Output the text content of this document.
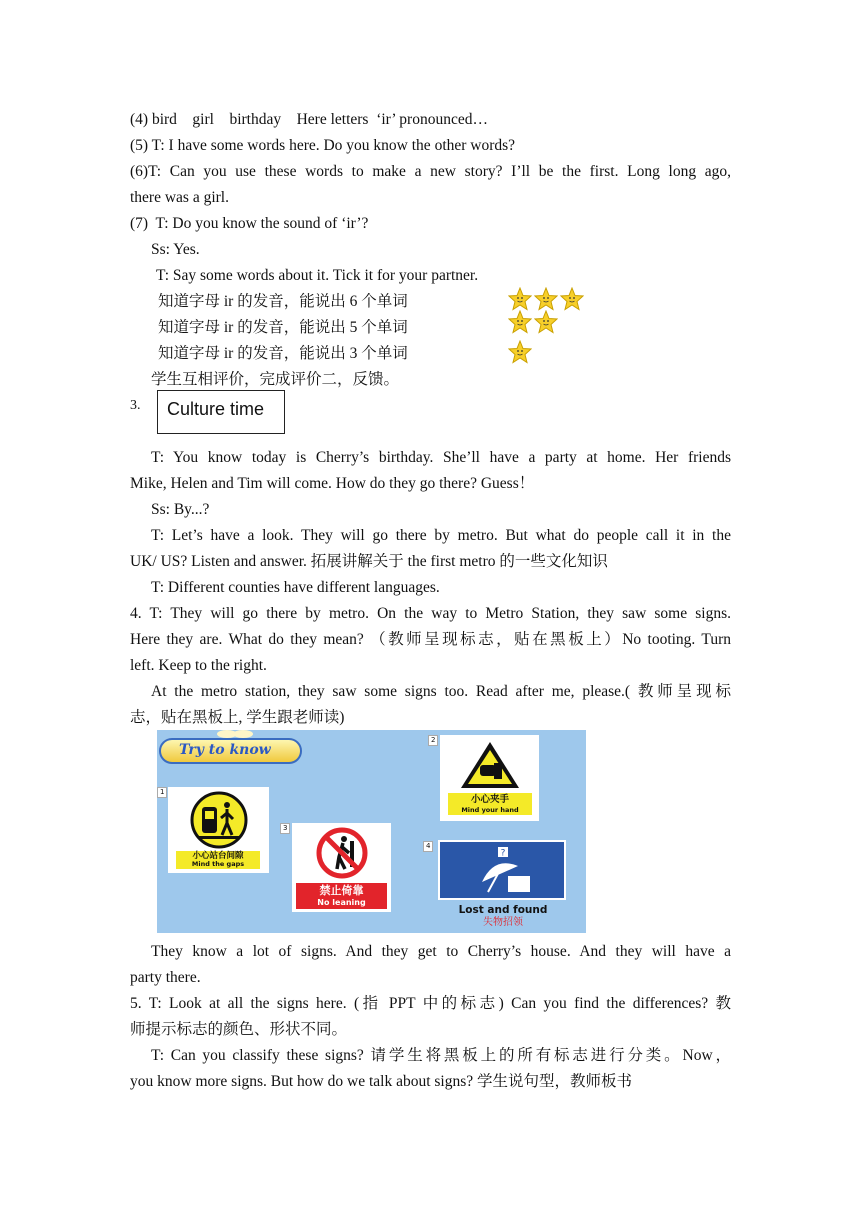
(4) bird    girl    birthday    Here letters  ‘ir’ pronounced…
(5) T: I have some words here. Do you know the other words?
(6)T: Can you use these words to make a new story? I’ll be the first. Long long ago,
there was a girl.
(7)  T: Do you know the sound of ‘ir’?
Ss: Yes.
T: Say some words about it. Tick it for your partner.
知道字母 ir 的发音，能说出 6 个单词
知道字母 ir 的发音，能说出 5 个单词
知道字母 ir 的发音，能说出 3 个单词
学生互相评价，完成评价二，反馈。
3.	Culture time
T: You know today is Cherry’s birthday. She’ll have a party at home. Her friends
Mike, Helen and Tim will come. How do they go there? Guess！
Ss: By...?
T: Let’s have a look. They will go there by metro. But what do people call it in the
UK/ US? Listen and answer. 拓展讲解关于 the first metro 的一些文化知识
T: Different counties have different languages.
4. T: They will go there by metro. On the way to Metro Station, they saw some signs.
Here they are. What do they mean? （教师呈现标志，贴在黑板上）No tooting. Turn
left. Keep to the right.
At the metro station, they saw some signs too. Read after me, please.( 教师呈现标
志，贴在黑板上, 学生跟老师读)
Try to know
1
小心站台间隙
Mind the gaps
2
小心夹手
Mind your hand
3
禁止倚靠
No leaning
4
?
Lost and found
失物招领
They know a lot of signs. And they get to Cherry’s house. And they will have a
party there.
5. T: Look at all the signs here. (指 PPT 中的标志) Can you find the differences? 教
师提示标志的颜色、形状不同。
T: Can you classify these signs? 请学生将黑板上的所有标志进行分类。Now，
you know more signs. But how do we talk about signs? 学生说句型，教师板书
